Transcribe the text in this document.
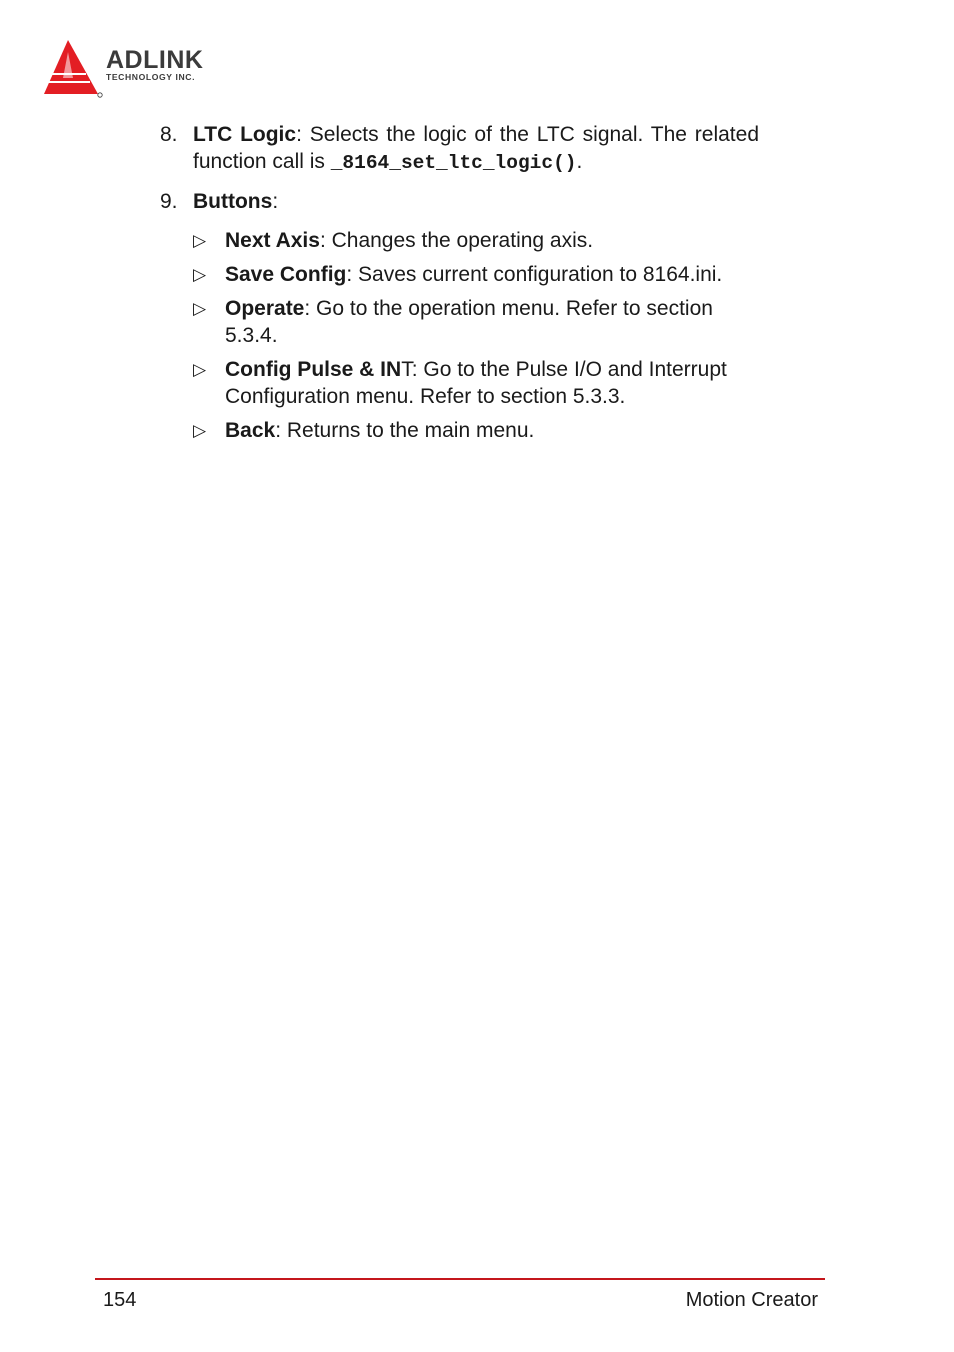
ADLINK
TECHNOLOGY INC.
8. LTC Logic: Selects the logic of the LTC signal. The related function call is _8164_set_ltc_logic().
9. Buttons:
▷ Next Axis: Changes the operating axis.
▷ Save Config: Saves current configuration to 8164.ini.
▷ Operate: Go to the operation menu. Refer to section 5.3.4.
▷ Config Pulse & INT: Go to the Pulse I/O and Interrupt Configuration menu. Refer to section 5.3.3.
▷ Back: Returns to the main menu.
154	Motion Creator
